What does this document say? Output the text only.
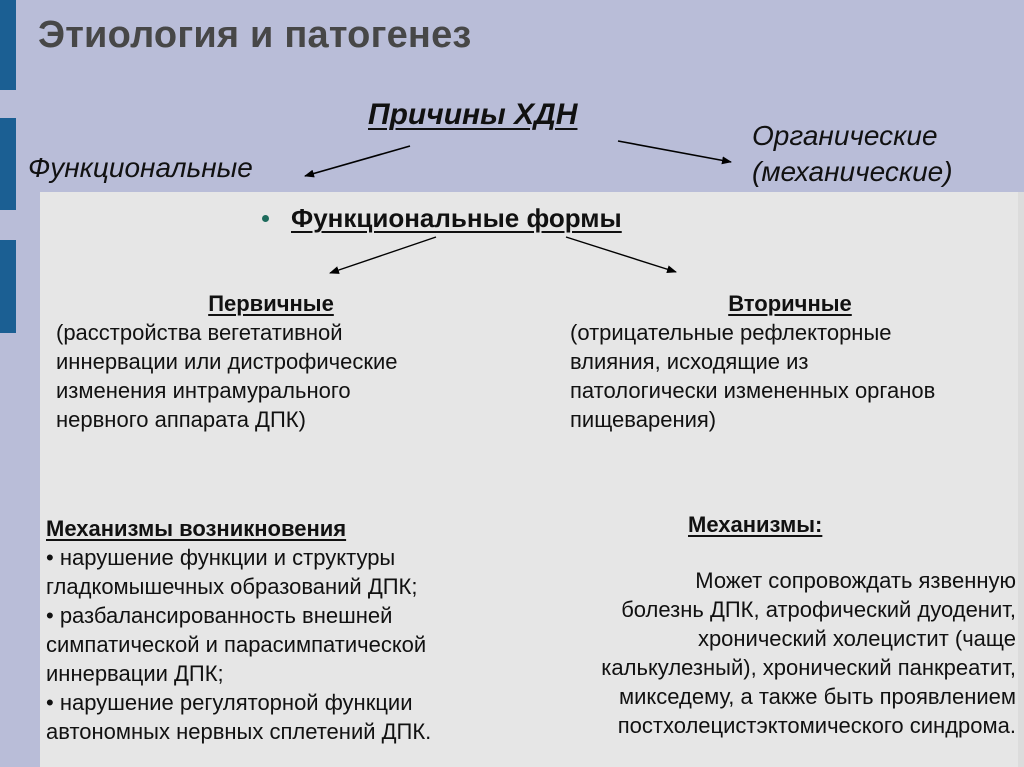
Этиология и патогенез
Причины ХДН
Функциональные
Органические
(механические)
Функциональные формы
Первичные
(расстройства вегетативной
иннервации или дистрофические
изменения интрамурального
нервного аппарата ДПК)
Вторичные
(отрицательные рефлекторные
влияния, исходящие из
патологически измененных органов
пищеварения)
Механизмы возникновения
• нарушение функции и структуры
гладкомышечных образований ДПК;
• разбалансированность внешней
симпатической и парасимпатической
иннервации ДПК;
• нарушение регуляторной функции
автономных нервных сплетений ДПК.
Механизмы:
Может сопровождать язвенную
болезнь ДПК, атрофический дуоденит,
хронический холецистит (чаще
калькулезный), хронический панкреатит,
микседему, а также быть проявлением
постхолецистэктомического синдрома.
